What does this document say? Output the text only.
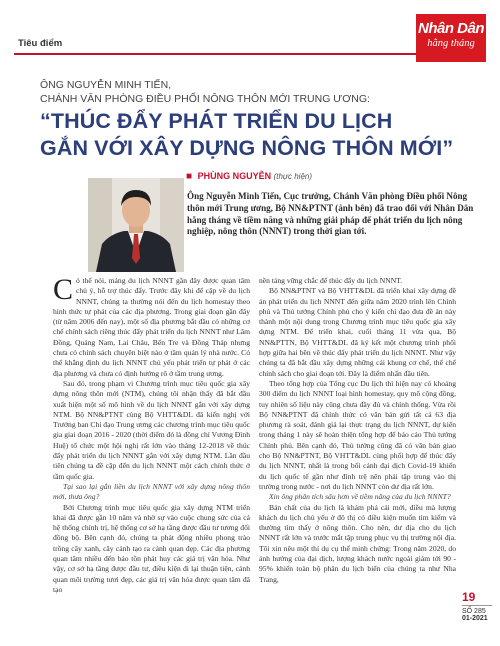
Tiêu điểm
Nhân Dân
hằng tháng
ÔNG NGUYỄN MINH TIẾN,
CHÁNH VĂN PHÒNG ĐIỀU PHỐI NÔNG THÔN MỚI TRUNG ƯƠNG:
“THÚC ĐẨY PHÁT TRIỂN DU LỊCH
GẮN VỚI XÂY DỰNG NÔNG THÔN MỚI”
■ PHÙNG NGUYỄN (thực hiện)

Ông Nguyễn Minh Tiến, Cục trưởng, Chánh Văn phòng Điều phối Nông thôn mới Trung ương, Bộ NN&PTNT (ảnh bên) đã trao đổi với Nhân Dân hằng tháng về tiềm năng và những giải pháp để phát triển du lịch nông nghiệp, nông thôn (NNNT) trong thời gian tới.

Có thể nói, mảng du lịch NNNT gần đây được quan tâm chủ ý, hỗ trợ thúc đẩy. Trước đây khi để cập về du lịch NNNT, chúng ta thường nói đến du lịch homestay theo hình thức tự phát của các địa phương. Trong giai đoạn gần đây (từ năm 2006 đến nay), một số địa phương bắt đầu có những cơ chế chính sách riêng thúc đẩy phát triển du lịch NNNT như Lâm Đồng, Quảng Nam, Lai Châu, Bến Tre và Đồng Tháp nhưng chưa có chính sách chuyên biệt nào ở tầm quản lý nhà nước. Có thể khẳng định du lịch NNNT chủ yếu phát triển tự phát ở các địa phương và chưa có định hướng rõ ở tầm trung ương.

Sau đó, trong phạm vi Chương trình mục tiêu quốc gia xây dựng nông thôn mới (NTM), chúng tôi nhận thấy đã bắt đầu xuất hiện một số mô hình về du lịch NNNT gắn với xây dựng NTM. Bộ NN&PTNT cùng Bộ VHTT&DL đã kiến nghị với Trưởng ban Chỉ đạo Trung ương các chương trình mục tiêu quốc gia giai đoạn 2016 - 2020 (thời điểm đó là đồng chí Vương Đình Huệ) tổ chức một hội nghị rất lớn vào tháng 12-2018 về thúc đẩy phát triển du lịch NNNT gắn với xây dựng NTM. Lần đầu tiên chúng ta đề cập đến du lịch NNNT một cách chính thức ở tầm quốc gia.

Tại sao lại gắn liền du lịch NNNT với xây dựng nông thôn mới, thưa ông?

Bởi Chương trình mục tiêu quốc gia xây dựng NTM triển khai đã được gần 10 năm và nhờ sự vào cuộc chung sức của cả hệ thống chính trị, hệ thống cơ sở hạ tầng được đầu tư tương đối đồng bộ. Bên cạnh đó, chúng ta phát động nhiều phong trào trồng cây xanh, cây cảnh tạo ra cảnh quan đẹp. Các địa phương quan tâm nhiều đến bảo tồn phát huy các giá trị văn hóa. Như vậy, cơ sở hạ tầng được đầu tư, điều kiện đi lại thuận tiện, cảnh quan môi trường tươi đẹp, các giá trị văn hóa được quan tâm đã tạo

nền tảng vững chắc để thúc đẩy du lịch NNNT.

Bộ NN&PTNT và Bộ VHTT&DL đã triển khai xây dựng đề án phát triển du lịch NNNT đến giữa năm 2020 trình lên Chính phủ và Thủ tướng Chính phủ cho ý kiến chỉ đạo đưa đề án này thành một nội dung trong Chương trình mục tiêu quốc gia xây dựng NTM. Để triển khai, cuối tháng 11 vừa qua, Bộ NN&PTTN, Bộ VHTT&DL đã ký kết một chương trình phối hợp giữa hai bên về thúc đẩy phát triển du lịch NNNT. Như vậy chúng ta đã bắt đầu xây dựng những cái khung cơ chế, thể chế chính sách cho giai đoạn tới. Đây là điểm nhấn đầu tiên.

Theo tổng hợp của Tổng cục Du lịch thì hiện nay có khoảng 300 điểm du lịch NNNT loại hình homestay, quy mô cộng đồng, tuy nhiên số liệu này cũng chưa đầy đủ và chính thống. Vừa rồi Bộ NN&PTNT đã chính thức có văn bản gửi tất cả 63 địa phương rà soát, đánh giá lại thực trạng du lịch NNNT, dự kiến trong tháng 1 này sẽ hoàn thiện tổng hợp để báo cáo Thủ tướng Chính phủ. Bên cạnh đó, Thủ tướng cũng đã có văn bản giao cho Bộ NN&PTNT, Bộ VHTT&DL cùng phối hợp để thúc đẩy du lịch NNNT, nhất là trong bối cảnh đại dịch Covid-19 khiến du lịch quốc tế gần như đình trệ nên phải tập trung vào thị trường trong nước - nơi du lịch NNNT còn dư địa rất lớn.

Xin ông phân tích sâu hơn về tiềm năng của du lịch NNNT?

Bản chất của du lịch là khám phá cái mới, điều mà lượng khách du lịch chủ yếu ở đô thị có điều kiện muốn tìm kiếm và thường tìm thấy ở nông thôn. Cho nên, dư địa cho du lịch NNNT rất lớn và trước mắt tập trung phục vụ thị trường nội địa. Tôi xin nêu một thí dụ cụ thể minh chứng: Trong năm 2020, do ảnh hưởng của đại dịch, lượng khách nước ngoài giảm tới 90 - 95% khiến toàn bộ phân du lịch biển của chúng ta như Nha Trang,

19
SỐ 285
01-2021
